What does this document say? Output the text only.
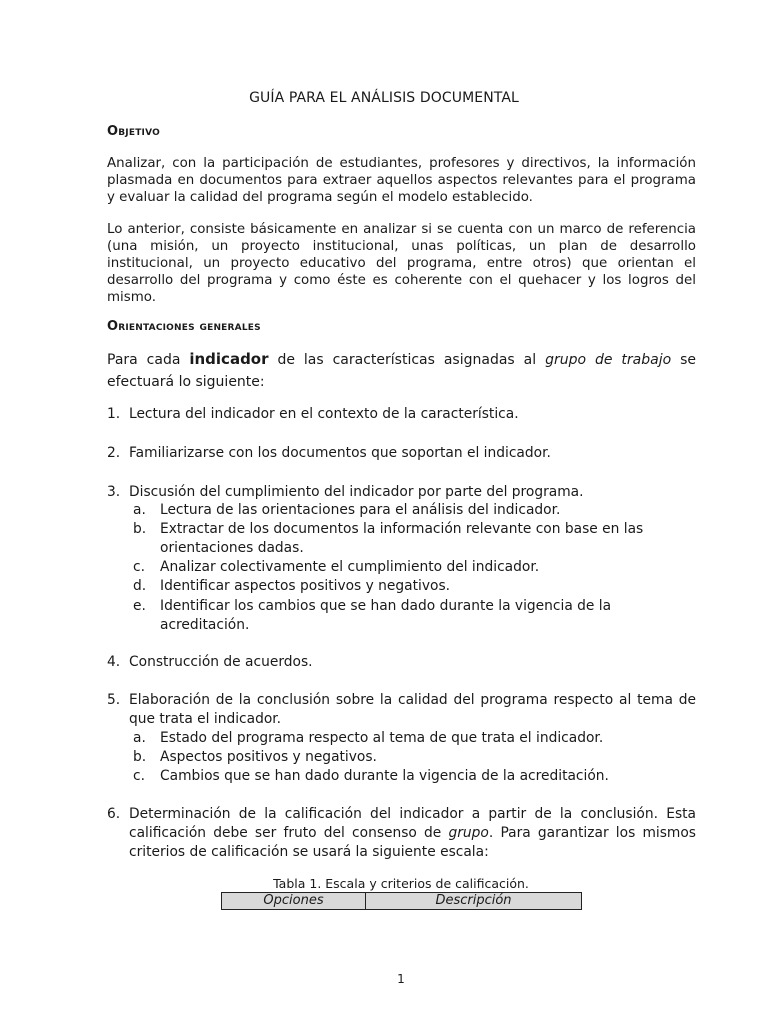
GUÍA PARA EL ANÁLISIS DOCUMENTAL
Objetivo
Analizar, con la participación de estudiantes, profesores y directivos, la información plasmada en documentos para extraer aquellos aspectos relevantes para el programa y evaluar la calidad del programa según el modelo establecido.
Lo anterior, consiste básicamente en analizar si se cuenta con un marco de referencia (una misión, un proyecto institucional, unas políticas, un plan de desarrollo institucional, un proyecto educativo del programa, entre otros) que orientan el desarrollo del programa y como éste es coherente con el quehacer y los logros del mismo.
Orientaciones generales
Para cada indicador de las características asignadas al grupo de trabajo se efectuará lo siguiente:
1. Lectura del indicador en el contexto de la característica.
2. Familiarizarse con los documentos que soportan el indicador.
3. Discusión del cumplimiento del indicador por parte del programa.
a. Lectura de las orientaciones para el análisis del indicador.
b. Extractar de los documentos la información relevante con base en las orientaciones dadas.
c. Analizar colectivamente el cumplimiento del indicador.
d. Identificar aspectos positivos y negativos.
e. Identificar los cambios que se han dado durante la vigencia de la acreditación.
4. Construcción de acuerdos.
5. Elaboración de la conclusión sobre la calidad del programa respecto al tema de que trata el indicador.
a. Estado del programa respecto al tema de que trata el indicador.
b. Aspectos positivos y negativos.
c. Cambios que se han dado durante la vigencia de la acreditación.
6. Determinación de la calificación del indicador a partir de la conclusión. Esta calificación debe ser fruto del consenso de grupo. Para garantizar los mismos criterios de calificación se usará la siguiente escala:
Tabla 1. Escala y criterios de calificación.
Opciones	Descripción
1
